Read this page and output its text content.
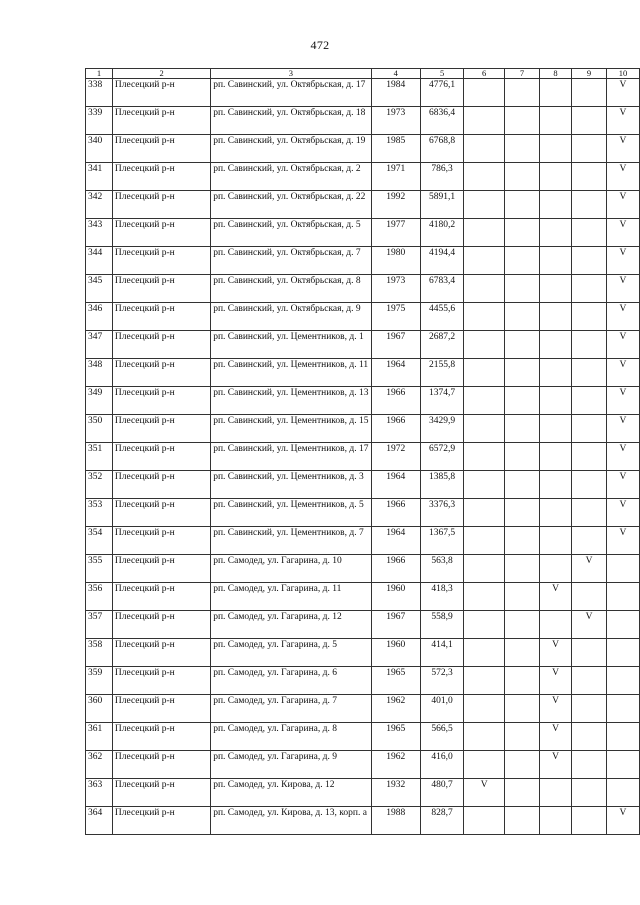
472
1	2	3	4	5	6	7	8	9	10
338	Плесецкий р-н	рп. Савинский, ул. Октябрьская, д. 17	1984	4776,1					V
339	Плесецкий р-н	рп. Савинский, ул. Октябрьская, д. 18	1973	6836,4					V
340	Плесецкий р-н	рп. Савинский, ул. Октябрьская, д. 19	1985	6768,8					V
341	Плесецкий р-н	рп. Савинский, ул. Октябрьская, д. 2	1971	786,3					V
342	Плесецкий р-н	рп. Савинский, ул. Октябрьская, д. 22	1992	5891,1					V
343	Плесецкий р-н	рп. Савинский, ул. Октябрьская, д. 5	1977	4180,2					V
344	Плесецкий р-н	рп. Савинский, ул. Октябрьская, д. 7	1980	4194,4					V
345	Плесецкий р-н	рп. Савинский, ул. Октябрьская, д. 8	1973	6783,4					V
346	Плесецкий р-н	рп. Савинский, ул. Октябрьская, д. 9	1975	4455,6					V
347	Плесецкий р-н	рп. Савинский, ул. Цементников, д. 1	1967	2687,2					V
348	Плесецкий р-н	рп. Савинский, ул. Цементников, д. 11	1964	2155,8					V
349	Плесецкий р-н	рп. Савинский, ул. Цементников, д. 13	1966	1374,7					V
350	Плесецкий р-н	рп. Савинский, ул. Цементников, д. 15	1966	3429,9					V
351	Плесецкий р-н	рп. Савинский, ул. Цементников, д. 17	1972	6572,9					V
352	Плесецкий р-н	рп. Савинский, ул. Цементников, д. 3	1964	1385,8					V
353	Плесецкий р-н	рп. Савинский, ул. Цементников, д. 5	1966	3376,3					V
354	Плесецкий р-н	рп. Савинский, ул. Цементников, д. 7	1964	1367,5					V
355	Плесецкий р-н	рп. Самодед, ул. Гагарина, д. 10	1966	563,8				V	
356	Плесецкий р-н	рп. Самодед, ул. Гагарина, д. 11	1960	418,3			V		
357	Плесецкий р-н	рп. Самодед, ул. Гагарина, д. 12	1967	558,9				V	
358	Плесецкий р-н	рп. Самодед, ул. Гагарина, д. 5	1960	414,1			V		
359	Плесецкий р-н	рп. Самодед, ул. Гагарина, д. 6	1965	572,3			V		
360	Плесецкий р-н	рп. Самодед, ул. Гагарина, д. 7	1962	401,0			V		
361	Плесецкий р-н	рп. Самодед, ул. Гагарина, д. 8	1965	566,5			V		
362	Плесецкий р-н	рп. Самодед, ул. Гагарина, д. 9	1962	416,0			V		
363	Плесецкий р-н	рп. Самодед, ул. Кирова, д. 12	1932	480,7	V				
364	Плесецкий р-н	рп. Самодед, ул. Кирова, д. 13, корп. а	1988	828,7					V
